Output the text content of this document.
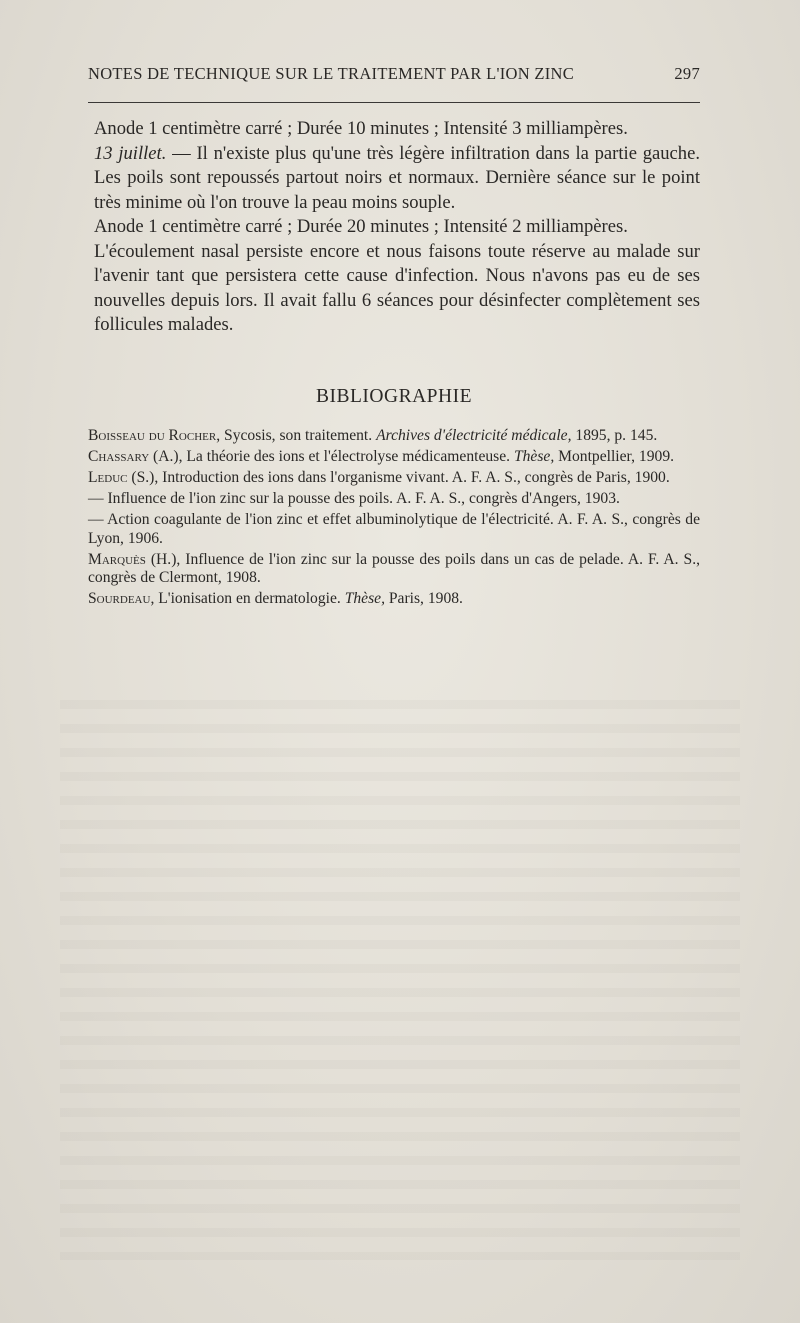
NOTES DE TECHNIQUE SUR LE TRAITEMENT PAR L'ION ZINC	297

Anode 1 centimètre carré ; Durée 10 minutes ; Intensité 3 milliampères.

13 juillet. — Il n'existe plus qu'une très légère infiltration dans la partie gauche. Les poils sont repoussés partout noirs et normaux. Dernière séance sur le point très minime où l'on trouve la peau moins souple.

Anode 1 centimètre carré ; Durée 20 minutes ; Intensité 2 milliampères.

L'écoulement nasal persiste encore et nous faisons toute réserve au malade sur l'avenir tant que persistera cette cause d'infection. Nous n'avons pas eu de ses nouvelles depuis lors. Il avait fallu 6 séances pour désinfecter complètement ses follicules malades.

BIBLIOGRAPHIE

Boisseau du Rocher, Sycosis, son traitement. Archives d'électricité médicale, 1895, p. 145.

Chassary (A.), La théorie des ions et l'électrolyse médicamenteuse. Thèse, Montpellier, 1909.

Leduc (S.), Introduction des ions dans l'organisme vivant. A. F. A. S., congrès de Paris, 1900.

— Influence de l'ion zinc sur la pousse des poils. A. F. A. S., congrès d'Angers, 1903.

— Action coagulante de l'ion zinc et effet albuminolytique de l'électricité. A. F. A. S., congrès de Lyon, 1906.

Marquès (H.), Influence de l'ion zinc sur la pousse des poils dans un cas de pelade. A. F. A. S., congrès de Clermont, 1908.

Sourdeau, L'ionisation en dermatologie. Thèse, Paris, 1908.
